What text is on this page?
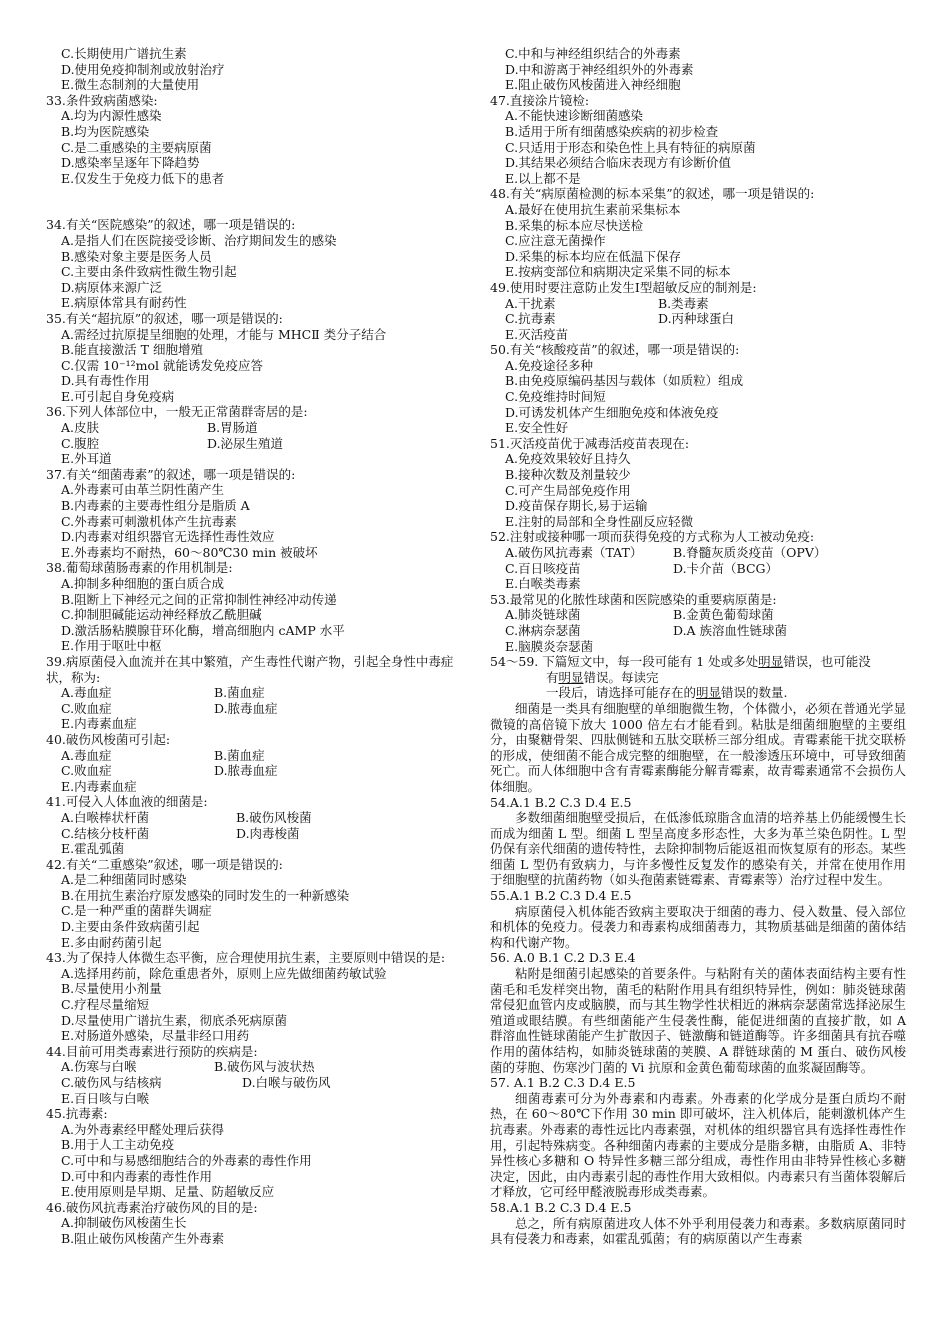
C.长期使用广谱抗生素
D.使用免疫抑制剂或放射治疗
E.微生态制剂的大量使用
33.条件致病菌感染:
A.均为内源性感染
B.均为医院感染
C.是二重感染的主要病原菌
D.感染率呈逐年下降趋势
E.仅发生于免疫力低下的患者
34.有关“医院感染”的叙述，哪一项是错误的:
A.是指人们在医院接受诊断、治疗期间发生的感染
B.感染对象主要是医务人员
C.主要由条件致病性微生物引起
D.病原体来源广泛
E.病原体常具有耐药性
35.有关“超抗原”的叙述，哪一项是错误的:
A.需经过抗原提呈细胞的处理，才能与 MHCⅡ 类分子结合
B.能直接激活 T 细胞增殖
C.仅需 10⁻¹²mol 就能诱发免疫应答
D.具有毒性作用
E.可引起自身免疫病
36.下列人体部位中，一般无正常菌群寄居的是:
A.皮肤	B.胃肠道
C.腹腔	D.泌尿生殖道
E.外耳道
37.有关“细菌毒素”的叙述，哪一项是错误的:
A.外毒素可由革兰阴性菌产生
B.内毒素的主要毒性组分是脂质 A
C.外毒素可刺激机体产生抗毒素
D.内毒素对组织器官无选择性毒性效应
E.外毒素均不耐热，60～80℃30 min 被破坏
38.葡萄球菌肠毒素的作用机制是:
A.抑制多种细胞的蛋白质合成
B.阻断上下神经元之间的正常抑制性神经冲动传递
C.抑制胆碱能运动神经释放乙酰胆碱
D.激活肠粘膜腺苷环化酶，增高细胞内 cAMP 水平
E.作用于呕吐中枢
39.病原菌侵入血流并在其中繁殖，产生毒性代谢产物，引起全身性中毒症状，称为:
A.毒血症	B.菌血症
C.败血症	D.脓毒血症
E.内毒素血症
40.破伤风梭菌可引起:
A.毒血症	B.菌血症
C.败血症	D.脓毒血症
E.内毒素血症
41.可侵入人体血液的细菌是:
A.白喉棒状杆菌	B.破伤风梭菌
C.结核分枝杆菌	D.肉毒梭菌
E.霍乱弧菌
42.有关“二重感染”叙述，哪一项是错误的:
A.是二种细菌同时感染
B.在用抗生素治疗原发感染的同时发生的一种新感染
C.是一种严重的菌群失调症
D.主要由条件致病菌引起
E.多由耐药菌引起
43.为了保持人体微生态平衡，应合理使用抗生素，主要原则中错误的是:
A.选择用药前，除危重患者外，原则上应先做细菌药敏试验
B.尽量使用小剂量
C.疗程尽量缩短
D.尽量使用广谱抗生素，彻底杀死病原菌
E.对肠道外感染，尽量非经口用药
44.目前可用类毒素进行预防的疾病是:
A.伤寒与白喉	B.破伤风与波状热
C.破伤风与结核病	D.白喉与破伤风
E.百日咳与白喉
45.抗毒素:
A.为外毒素经甲醛处理后获得
B.用于人工主动免疫
C.可中和与易感细胞结合的外毒素的毒性作用
D.可中和内毒素的毒性作用
E.使用原则是早期、足量、防超敏反应
46.破伤风抗毒素治疗破伤风的目的是:
A.抑制破伤风梭菌生长
B.阻止破伤风梭菌产生外毒素
C.中和与神经组织结合的外毒素
D.中和游离于神经组织外的外毒素
E.阻止破伤风梭菌进入神经细胞
47.直接涂片镜检:
A.不能快速诊断细菌感染
B.适用于所有细菌感染疾病的初步检查
C.只适用于形态和染色性上具有特征的病原菌
D.其结果必须结合临床表现方有诊断价值
E.以上都不是
48.有关“病原菌检测的标本采集”的叙述，哪一项是错误的:
A.最好在使用抗生素前采集标本
B.采集的标本应尽快送检
C.应注意无菌操作
D.采集的标本均应在低温下保存
E.按病变部位和病期决定采集不同的标本
49.使用时要注意防止发生Ⅰ型超敏反应的制剂是:
A.干扰素	B.类毒素
C.抗毒素	D.丙种球蛋白
E.灭活疫苗
50.有关“核酸疫苗”的叙述，哪一项是错误的:
A.免疫途径多种
B.由免疫原编码基因与载体（如质粒）组成
C.免疫维持时间短
D.可诱发机体产生细胞免疫和体液免疫
E.安全性好
51.灭活疫苗优于减毒活疫苗表现在:
A.免疫效果较好且持久
B.接种次数及剂量较少
C.可产生局部免疫作用
D.疫苗保存期长,易于运输
E.注射的局部和全身性副反应轻微
52.注射或接种哪一项而获得免疫的方式称为人工被动免疫:
A.破伤风抗毒素（TAT）	B.脊髓灰质炎疫苗（OPV）
C.百日咳疫苗	D.卡介苗（BCG）
E.白喉类毒素
53.最常见的化脓性球菌和医院感染的重要病原菌是:
A.肺炎链球菌	B.金黄色葡萄球菌
C.淋病奈瑟菌	D.A 族溶血性链球菌
E.脑膜炎奈瑟菌
54～59. 下篇短文中，每一段可能有 1 处或多处明显错误，也可能没
有明显错误。每读完
一段后，请选择可能存在的明显错误的数量.
细菌是一类具有细胞壁的单细胞微生物，个体微小，必须在普通光学显微镜的高倍镜下放大 1000 倍左右才能看到。粘肽是细菌细胞壁的主要组分，由聚糖骨架、四肽侧链和五肽交联桥三部分组成。青霉素能干扰交联桥的形成，使细菌不能合成完整的细胞壁，在一般渗透压环境中，可导致细菌死亡。而人体细胞中含有青霉素酶能分解青霉素，故青霉素通常不会损伤人体细胞。
54.A.1 B.2 C.3 D.4 E.5
多数细菌细胞壁受损后，在低渗低琼脂含血清的培养基上仍能缓慢生长而成为细菌 L 型。细菌 L 型呈高度多形态性，大多为革兰染色阴性。L 型仍保有亲代细菌的遗传特性，去除抑制物后能返祖而恢复原有的形态。某些细菌 L 型仍有致病力，与许多慢性反复发作的感染有关，并常在使用作用于细胞壁的抗菌药物（如头孢菌素链霉素、青霉素等）治疗过程中发生。
55.A.1 B.2 C.3 D.4 E.5
病原菌侵入机体能否致病主要取决于细菌的毒力、侵入数量、侵入部位和机体的免疫力。侵袭力和毒素构成细菌毒力，其物质基础是细菌的菌体结构和代谢产物。
56. A.0 B.1 C.2 D.3 E.4
粘附是细菌引起感染的首要条件。与粘附有关的菌体表面结构主要有性菌毛和毛发样突出物，菌毛的粘附作用具有组织特异性，例如：肺炎链球菌常侵犯血管内皮或脑膜，而与其生物学性状相近的淋病奈瑟菌常选择泌尿生殖道或眼结膜。有些细菌能产生侵袭性酶，能促进细菌的直接扩散，如 A 群溶血性链球菌能产生扩散因子、链激酶和链道酶等。许多细菌具有抗吞噬作用的菌体结构，如肺炎链球菌的荚膜、A 群链球菌的 M 蛋白、破伤风梭菌的芽胞、伤寒沙门菌的 Vi 抗原和金黄色葡萄球菌的血浆凝固酶等。
57. A.1 B.2 C.3 D.4 E.5
细菌毒素可分为外毒素和内毒素。外毒素的化学成分是蛋白质均不耐热，在 60～80℃下作用 30 min 即可破坏，注入机体后，能刺激机体产生抗毒素。外毒素的毒性远比内毒素强，对机体的组织器官具有选择性毒性作用，引起特殊病变。各种细菌内毒素的主要成分是脂多糖，由脂质 A、非特异性核心多糖和 O 特异性多糖三部分组成，毒性作用由非特异性核心多糖决定，因此，由内毒素引起的毒性作用大致相似。内毒素只有当菌体裂解后才释放，它可经甲醛液脱毒形成类毒素。
58.A.1 B.2 C.3 D.4 E.5
总之，所有病原菌进攻人体不外乎利用侵袭力和毒素。多数病原菌同时具有侵袭力和毒素，如霍乱弧菌；有的病原菌以产生毒素
